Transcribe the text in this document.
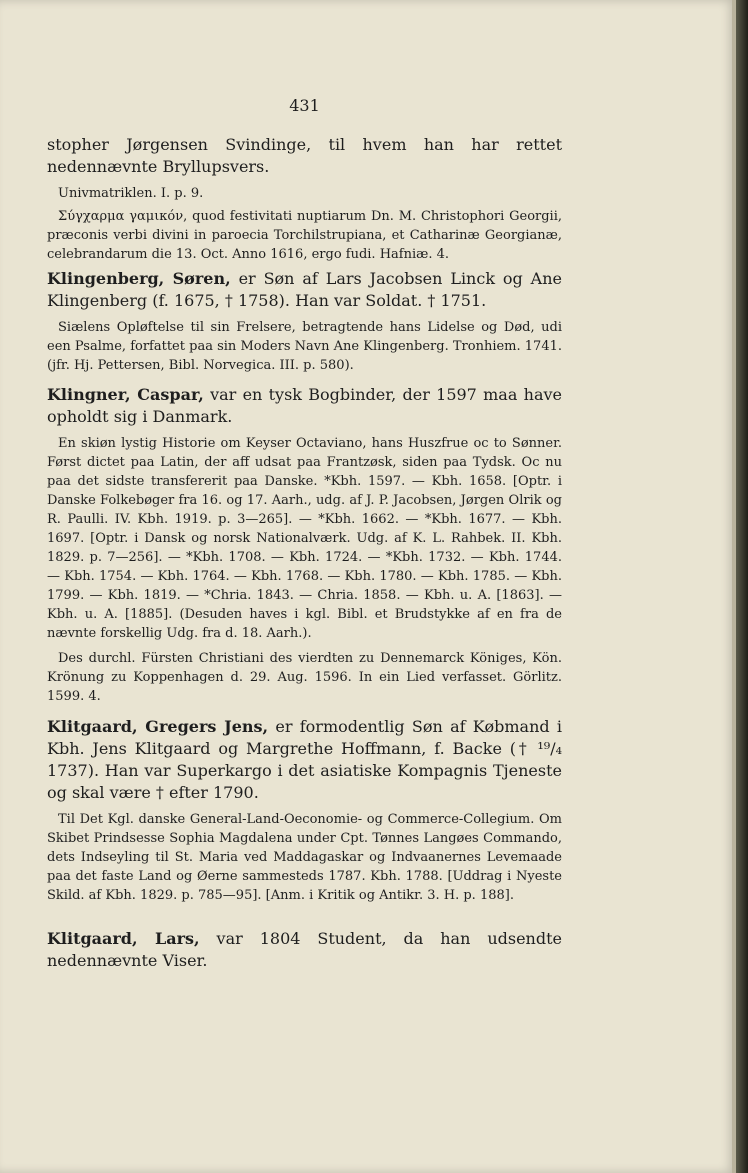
431

stopher Jørgensen Svindinge, til hvem han har rettet nedennævnte Bryllupsvers.

Univmatriklen. I. p. 9.

Σύγχαρμα γαμικόν, quod festivitati nuptiarum Dn. M. Christophori Georgii, præconis verbi divini in paroecia Torchilstrupiana, et Catharinæ Georgianæ, celebrandarum die 13. Oct. Anno 1616, ergo fudi. Hafniæ. 4.

Klingenberg, Søren, er Søn af Lars Jacobsen Linck og Ane Klingenberg (f. 1675, † 1758). Han var Soldat. † 1751.

Siælens Opløftelse til sin Frelsere, betragtende hans Lidelse og Død, udi een Psalme, forfattet paa sin Moders Navn Ane Klingenberg. Tronhiem. 1741. (jfr. Hj. Pettersen, Bibl. Norvegica. III. p. 580).

Klingner, Caspar, var en tysk Bogbinder, der 1597 maa have opholdt sig i Danmark.

En skiøn lystig Historie om Keyser Octaviano, hans Huszfrue oc to Sønner. Først dictet paa Latin, der aff udsat paa Frantzøsk, siden paa Tydsk. Oc nu paa det sidste transfererit paa Danske. *Kbh. 1597. — Kbh. 1658. [Optr. i Danske Folkebøger fra 16. og 17. Aarh., udg. af J. P. Jacobsen, Jørgen Olrik og R. Paulli. IV. Kbh. 1919. p. 3—265]. — *Kbh. 1662. — *Kbh. 1677. — Kbh. 1697. [Optr. i Dansk og norsk Nationalværk. Udg. af K. L. Rahbek. II. Kbh. 1829. p. 7—256]. — *Kbh. 1708. — Kbh. 1724. — *Kbh. 1732. — Kbh. 1744. — Kbh. 1754. — Kbh. 1764. — Kbh. 1768. — Kbh. 1780. — Kbh. 1785. — Kbh. 1799. — Kbh. 1819. — *Chria. 1843. — Chria. 1858. — Kbh. u. A. [1863]. — Kbh. u. A. [1885]. (Desuden haves i kgl. Bibl. et Brudstykke af en fra de nævnte forskellig Udg. fra d. 18. Aarh.).

Des durchl. Fürsten Christiani des vierdten zu Dennemarck Königes, Kön. Krönung zu Koppenhagen d. 29. Aug. 1596. In ein Lied verfasset. Görlitz. 1599. 4.

Klitgaard, Gregers Jens, er formodentlig Søn af Købmand i Kbh. Jens Klitgaard og Margrethe Hoffmann, f. Backe († ¹⁹/₄ 1737). Han var Superkargo i det asiatiske Kompagnis Tjeneste og skal være † efter 1790.

Til Det Kgl. danske General-Land-Oeconomie- og Commerce-Collegium. Om Skibet Prindsesse Sophia Magdalena under Cpt. Tønnes Langøes Commando, dets Indseyling til St. Maria ved Maddagaskar og Indvaanernes Levemaade paa det faste Land og Øerne sammesteds 1787. Kbh. 1788. [Uddrag i Nyeste Skild. af Kbh. 1829. p. 785—95]. [Anm. i Kritik og Antikr. 3. H. p. 188].

Klitgaard, Lars, var 1804 Student, da han udsendte nedennævnte Viser.
